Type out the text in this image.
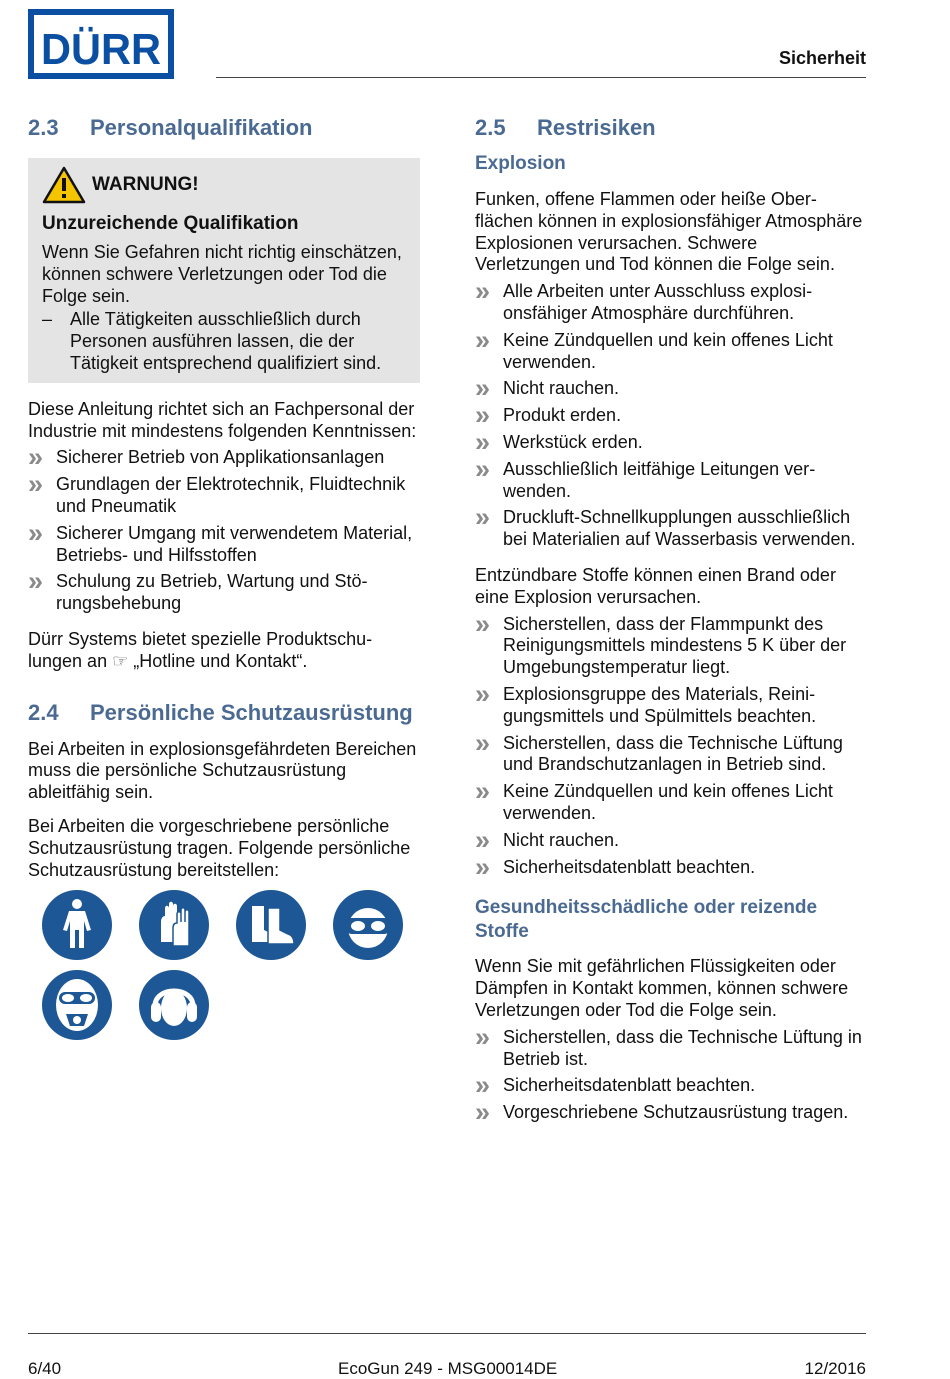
DÜRR	Sicherheit
2.3	Personalqualifikation
WARNUNG!
Unzureichende Qualifikation

Wenn Sie Gefahren nicht richtig einschätzen, können schwere Verletzungen oder Tod die Folge sein.

– Alle Tätigkeiten ausschließlich durch Personen ausführen lassen, die der Tätigkeit entsprechend qualifiziert sind.

Diese Anleitung richtet sich an Fachpersonal der Industrie mit mindestens folgenden Kenntnissen:

» Sicherer Betrieb von Applikationsanlagen
» Grundlagen der Elektrotechnik, Fluidtechnik und Pneumatik
» Sicherer Umgang mit verwendetem Material, Betriebs- und Hilfsstoffen
» Schulung zu Betrieb, Wartung und Störungsbehebung

Dürr Systems bietet spezielle Produktschulungen an ☞ „Hotline und Kontakt“.

2.4	Persönliche Schutzausrüstung

Bei Arbeiten in explosionsgefährdeten Bereichen muss die persönliche Schutzausrüstung ableitfähig sein.

Bei Arbeiten die vorgeschriebene persönliche Schutzausrüstung tragen. Folgende persönliche Schutzausrüstung bereitstellen:

2.5	Restrisiken
Explosion

Funken, offene Flammen oder heiße Oberflächen können in explosionsfähiger Atmosphäre Explosionen verursachen. Schwere Verletzungen und Tod können die Folge sein.

» Alle Arbeiten unter Ausschluss explosionsfähiger Atmosphäre durchführen.
» Keine Zündquellen und kein offenes Licht verwenden.
» Nicht rauchen.
» Produkt erden.
» Werkstück erden.
» Ausschließlich leitfähige Leitungen verwenden.
» Druckluft-Schnellkupplungen ausschließlich bei Materialien auf Wasserbasis verwenden.

Entzündbare Stoffe können einen Brand oder eine Explosion verursachen.

» Sicherstellen, dass der Flammpunkt des Reinigungsmittels mindestens 5 K über der Umgebungstemperatur liegt.
» Explosionsgruppe des Materials, Reinigungsmittels und Spülmittels beachten.
» Sicherstellen, dass die Technische Lüftung und Brandschutzanlagen in Betrieb sind.
» Keine Zündquellen und kein offenes Licht verwenden.
» Nicht rauchen.
» Sicherheitsdatenblatt beachten.
Gesundheitsschädliche oder reizende Stoffe

Wenn Sie mit gefährlichen Flüssigkeiten oder Dämpfen in Kontakt kommen, können schwere Verletzungen oder Tod die Folge sein.

» Sicherstellen, dass die Technische Lüftung in Betrieb ist.
» Sicherheitsdatenblatt beachten.
» Vorgeschriebene Schutzausrüstung tragen.
6/40	EcoGun 249 - MSG00014DE	12/2016
